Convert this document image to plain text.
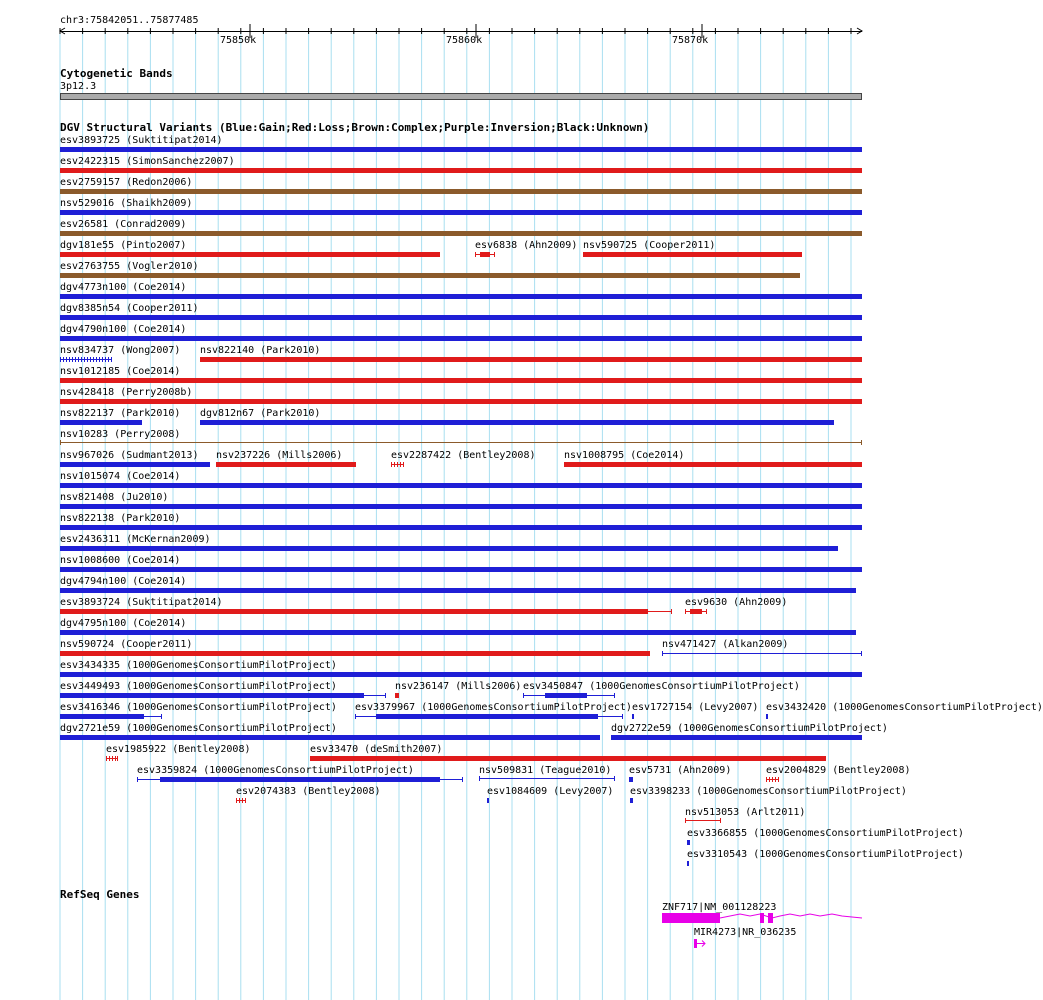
chr3:75842051..75877485
75850k	75860k	75870k
Cytogenetic Bands
3p12.3
DGV Structural Variants (Blue:Gain;Red:Loss;Brown:Complex;Purple:Inversion;Black:Unknown)
esv3893725 (Suktitipat2014)
esv2422315 (SimonSanchez2007)
esv2759157 (Redon2006)
nsv529016 (Shaikh2009)
esv26581 (Conrad2009)
dgv181e55 (Pinto2007)	esv6838 (Ahn2009) nsv590725 (Cooper2011)
esv2763755 (Vogler2010)
dgv4773n100 (Coe2014)
dgv8385n54 (Cooper2011)
dgv4790n100 (Coe2014)
nsv834737 (Wong2007) nsv822140 (Park2010)
nsv1012185 (Coe2014)
nsv428418 (Perry2008b)
nsv822137 (Park2010) dgv812n67 (Park2010)
nsv10283 (Perry2008)
nsv967026 (Sudmant2013) nsv237226 (Mills2006)	esv2287422 (Bentley2008)	nsv1008795 (Coe2014)
nsv1015074 (Coe2014)
nsv821408 (Ju2010)
nsv822138 (Park2010)
esv2436311 (McKernan2009)
nsv1008600 (Coe2014)
dgv4794n100 (Coe2014)
esv3893724 (Suktitipat2014)	esv9630 (Ahn2009)
dgv4795n100 (Coe2014)
nsv590724 (Cooper2011)	nsv471427 (Alkan2009)
esv3434335 (1000GenomesConsortiumPilotProject)
esv3449493 (1000GenomesConsortiumPilotProject)	nsv236147 (Mills2006) esv3450847 (1000GenomesConsortiumPilotProject)
esv3416346 (1000GenomesConsortiumPilotProject) esv3379967 (1000GenomesConsortiumPilotProject) esv1727154 (Levy2007) esv3432420 (1000GenomesConsortiumPilotProject)
dgv2721e59 (1000GenomesConsortiumPilotProject)	dgv2722e59 (1000GenomesConsortiumPilotProject)
esv1985922 (Bentley2008)	esv33470 (deSmith2007)
esv3359824 (1000GenomesConsortiumPilotProject)	nsv509831 (Teague2010) esv5731 (Ahn2009)	esv2004829 (Bentley2008)
esv2074383 (Bentley2008)	esv1084609 (Levy2007) esv3398233 (1000GenomesConsortiumPilotProject)
nsv513053 (Arlt2011)
esv3366855 (1000GenomesConsortiumPilotProject)
esv3310543 (1000GenomesConsortiumPilotProject)
RefSeq Genes
ZNF717|NM_001128223
MIR4273|NR_036235
